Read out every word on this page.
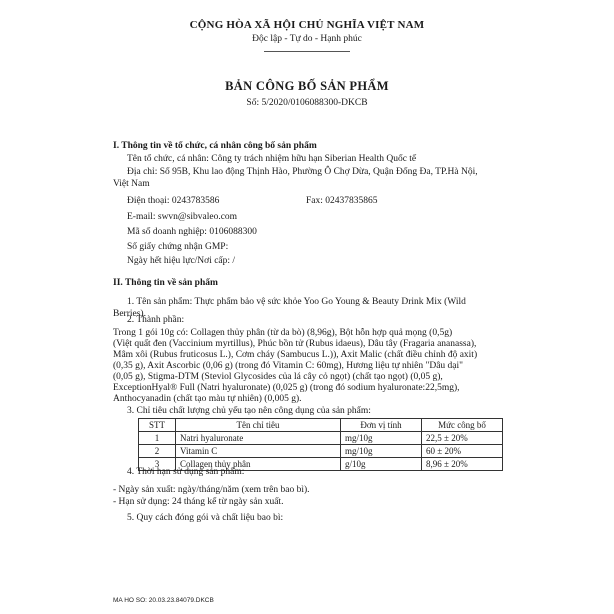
CỘNG HÒA XÃ HỘI CHỦ NGHĨA VIỆT NAM
Độc lập - Tự do - Hạnh phúc
BẢN CÔNG BỐ SẢN PHẨM
Số: 5/2020/0106088300-DKCB
I. Thông tin về tổ chức, cá nhân công bố sản phẩm
Tên tổ chức, cá nhân: Công ty trách nhiệm hữu hạn Siberian Health Quốc tế
Địa chỉ: Số 95B, Khu lao động Thịnh Hào, Phường Ô Chợ Dừa, Quận Đống Đa, TP.Hà Nội,
Việt Nam
Điện thoại: 0243783586	Fax: 02437835865
E-mail: swvn@sibvaleo.com
Mã số doanh nghiệp: 0106088300
Số giấy chứng nhận GMP:
Ngày hết hiệu lực/Nơi cấp: /
II. Thông tin về sản phẩm
1. Tên sản phẩm: Thực phẩm bảo vệ sức khỏe Yoo Go Young & Beauty Drink Mix (Wild
Berries).
2. Thành phần:
Trong 1 gói 10g có: Collagen thủy phân (từ da bò) (8,96g), Bột hỗn hợp quả mọng (0,5g)
(Việt quất đen (Vaccinium myrtillus), Phúc bồn tử (Rubus idaeus), Dâu tây (Fragaria ananassa),
Mâm xôi (Rubus fruticosus L.), Cơm cháy (Sambucus L.)), Axit Malic (chất điều chỉnh độ axit)
(0,35 g), Axit Ascorbic (0,06 g) (trong đó Vitamin C: 60mg), Hương liệu tự nhiên "Dâu dại"
(0,05 g), Stigma-DTM (Steviol Glycosides của lá cây cỏ ngọt) (chất tạo ngọt) (0,05 g),
ExceptionHyal® Full (Natri hyaluronate) (0,025 g) (trong đó sodium hyaluronate:22,5mg),
Anthocyanadin (chất tạo màu tự nhiên) (0,005 g).
STT	Tên chỉ tiêu	Đơn vị tính	Mức công bố
1	Natri hyaluronate	mg/10g	22,5 ± 20%
2	Vitamin C	mg/10g	60 ± 20%
3	Collagen thủy phân	g/10g	8,96 ± 20%
4. Thời hạn sử dụng sản phẩm:
- Ngày sản xuất: ngày/tháng/năm (xem trên bao bì).
- Hạn sử dụng: 24 tháng kể từ ngày sản xuất.
5. Quy cách đóng gói và chất liệu bao bì:
MA HO SO: 20.03.23.84079.DKCB
3. Chỉ tiêu chất lượng chủ yếu tạo nên công dụng của sản phẩm:
